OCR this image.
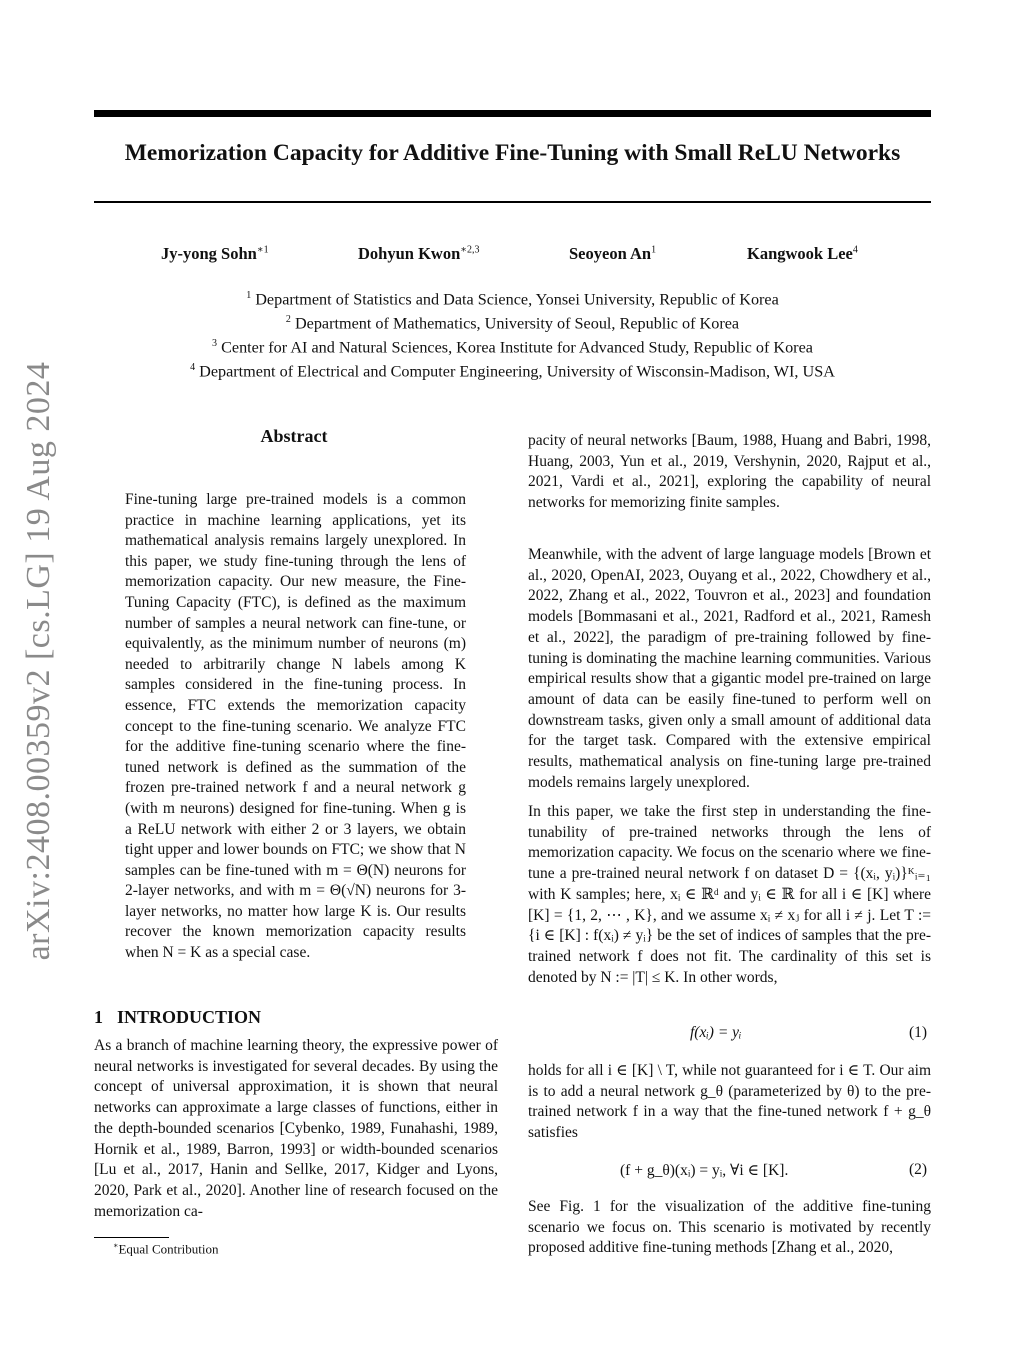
arXiv:2408.00359v2 [cs.LG] 19 Aug 2024
Memorization Capacity for Additive Fine-Tuning with Small ReLU Networks
Jy-yong Sohn$^{∗1}$	Dohyun Kwon$^{∗2,3}$	Seoyeon An$^1$	Kangwook Lee$^4$
$^1$ Department of Statistics and Data Science, Yonsei University, Republic of Korea
$^2$ Department of Mathematics, University of Seoul, Republic of Korea
$^3$ Center for AI and Natural Sciences, Korea Institute for Advanced Study, Republic of Korea
$^4$ Department of Electrical and Computer Engineering, University of Wisconsin-Madison, WI, USA
Abstract
Fine-tuning large pre-trained models is a common practice in machine learning applications, yet its mathematical analysis remains largely unexplored. In this paper, we study fine-tuning through the lens of memorization capacity. Our new measure, the Fine-Tuning Capacity (FTC), is defined as the maximum number of samples a neural network can fine-tune, or equivalently, as the minimum number of neurons (m) needed to arbitrarily change N labels among K samples considered in the fine-tuning process. In essence, FTC extends the memorization capacity concept to the fine-tuning scenario. We analyze FTC for the additive fine-tuning scenario where the fine-tuned network is defined as the summation of the frozen pre-trained network f and a neural network g (with m neurons) designed for fine-tuning. When g is a ReLU network with either 2 or 3 layers, we obtain tight upper and lower bounds on FTC; we show that N samples can be fine-tuned with m = Θ(N) neurons for 2-layer networks, and with m = Θ(√N) neurons for 3-layer networks, no matter how large K is. Our results recover the known memorization capacity results when N = K as a special case.
1 INTRODUCTION

As a branch of machine learning theory, the expressive power of neural networks is investigated for several decades. By using the concept of universal approximation, it is shown that neural networks can approximate a large classes of functions, either in the depth-bounded scenarios [Cybenko, 1989, Funahashi, 1989, Hornik et al., 1989, Barron, 1993] or width-bounded scenarios [Lu et al., 2017, Hanin and Sellke, 2017, Kidger and Lyons, 2020, Park et al., 2020]. Another line of research focused on the memorization ca-

pacity of neural networks [Baum, 1988, Huang and Babri, 1998, Huang, 2003, Yun et al., 2019, Vershynin, 2020, Rajput et al., 2021, Vardi et al., 2021], exploring the capability of neural networks for memorizing finite samples.

Meanwhile, with the advent of large language models [Brown et al., 2020, OpenAI, 2023, Ouyang et al., 2022, Chowdhery et al., 2022, Zhang et al., 2022, Touvron et al., 2023] and foundation models [Bommasani et al., 2021, Radford et al., 2021, Ramesh et al., 2022], the paradigm of pre-training followed by fine-tuning is dominating the machine learning communities. Various empirical results show that a gigantic model pre-trained on large amount of data can be easily fine-tuned to perform well on downstream tasks, given only a small amount of additional data for the target task. Compared with the extensive empirical results, mathematical analysis on fine-tuning large pre-trained models remains largely unexplored.

In this paper, we take the first step in understanding the fine-tunability of pre-trained networks through the lens of memorization capacity. We focus on the scenario where we fine-tune a pre-trained neural network f on dataset D = {(xᵢ, yᵢ)}ᴷᵢ₌₁ with K samples; here, xᵢ ∈ ℝᵈ and yᵢ ∈ ℝ for all i ∈ [K] where [K] = {1, 2, ⋯ , K}, and we assume xᵢ ≠ xⱼ for all i ≠ j. Let T := {i ∈ [K] : f(xᵢ) ≠ yᵢ} be the set of indices of samples that the pre-trained network f does not fit. The cardinality of this set is denoted by N := |T| ≤ K. In other words,

f(xᵢ) = yᵢ	(1)

holds for all i ∈ [K] \ T, while not guaranteed for i ∈ T. Our aim is to add a neural network g_θ (parameterized by θ) to the pre-trained network f in a way that the fine-tuned network f + g_θ satisfies

(f + g_θ)(xᵢ) = yᵢ, ∀i ∈ [K].	(2)

See Fig. 1 for the visualization of the additive fine-tuning scenario we focus on. This scenario is motivated by recently proposed additive fine-tuning methods [Zhang et al., 2020,

∗Equal Contribution
